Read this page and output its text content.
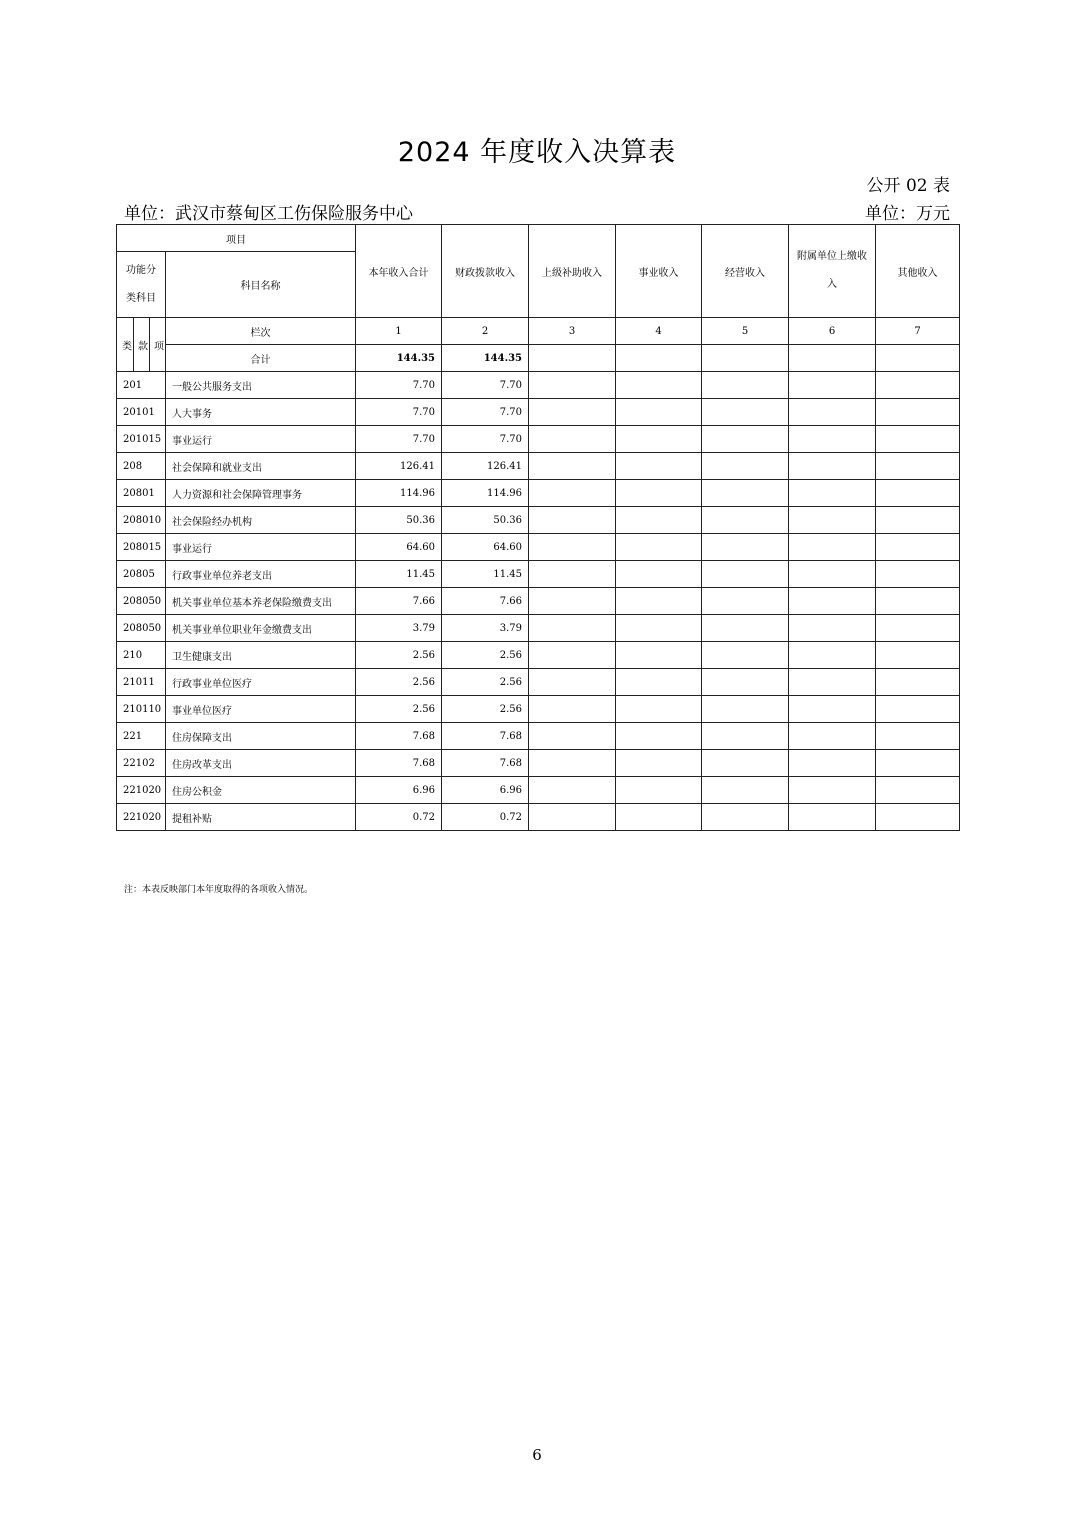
2024 年度收入决算表
公开 02 表
单位：武汉市蔡甸区工伤保险服务中心	单位：万元
项目		本年收入合计	财政拨款收入	上级补助收入	事业收入	经营收入	附属单位上缴收入	其他收入
功能分类科目	科目名称							

类 款 项	栏次	1	2	3	4	5	6	7
	合计	144.35	144.35					
201	一般公共服务支出	7.70	7.70					
20101	人大事务	7.70	7.70					
201015	事业运行	7.70	7.70					
208	社会保障和就业支出	126.41	126.41					
20801	人力资源和社会保障管理事务	114.96	114.96					
208010	社会保险经办机构	50.36	50.36					
208015	事业运行	64.60	64.60					
20805	行政事业单位养老支出	11.45	11.45					
208050	机关事业单位基本养老保险缴费支出	7.66	7.66					
208050	机关事业单位职业年金缴费支出	3.79	3.79					
210	卫生健康支出	2.56	2.56					
21011	行政事业单位医疗	2.56	2.56					
210110	事业单位医疗	2.56	2.56					
221	住房保障支出	7.68	7.68					
22102	住房改革支出	7.68	7.68					
221020	住房公积金	6.96	6.96					
221020	提租补贴	0.72	0.72					
注：本表反映部门本年度取得的各项收入情况。
6
